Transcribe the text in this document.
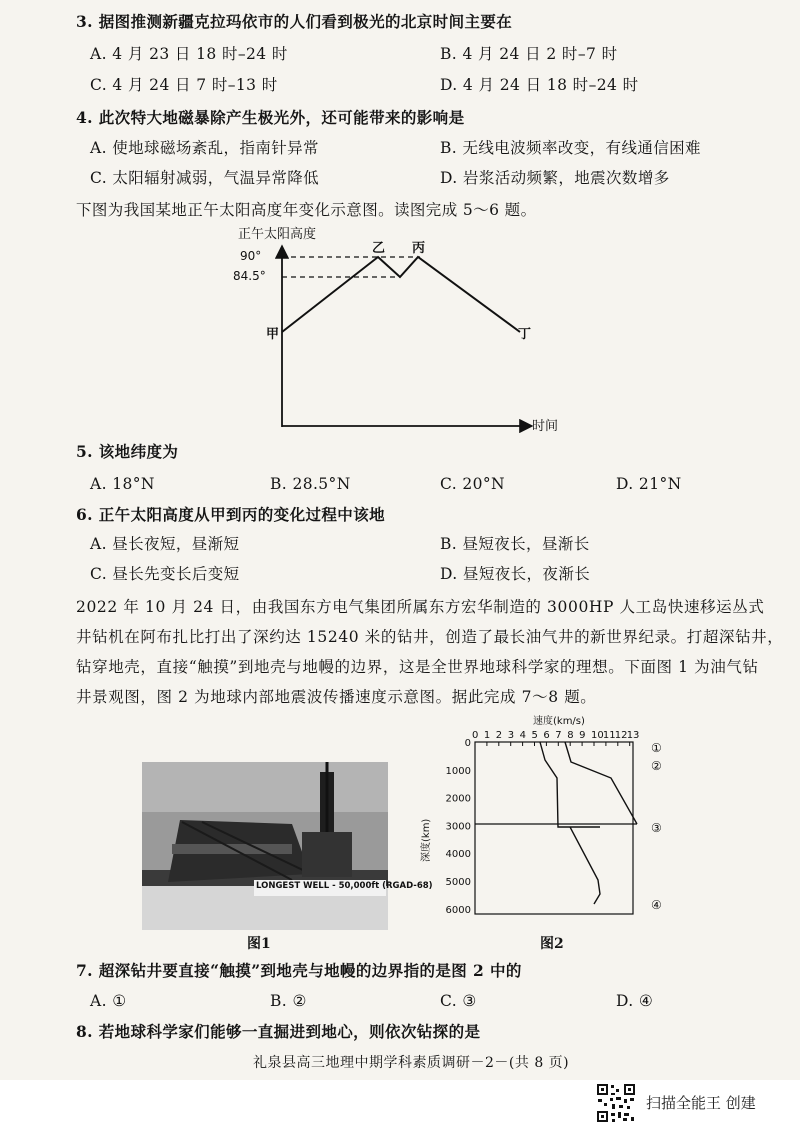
3. 据图推测新疆克拉玛依市的人们看到极光的北京时间主要在
A. 4 月 23 日 18 时–24 时	B. 4 月 24 日 2 时–7 时
C. 4 月 24 日 7 时–13 时	D. 4 月 24 日 18 时–24 时
4. 此次特大地磁暴除产生极光外，还可能带来的影响是
A. 使地球磁场紊乱，指南针异常	B. 无线电波频率改变，有线通信困难
C. 太阳辐射减弱，气温异常降低	D. 岩浆活动频繁，地震次数增多
下图为我国某地正午太阳高度年变化示意图。读图完成 5～6 题。
正午太阳高度
时间
90°
84.5°
甲
乙 丙
丁
5. 该地纬度为
A. 18°N	B. 28.5°N	C. 20°N	D. 21°N
6. 正午太阳高度从甲到丙的变化过程中该地
A. 昼长夜短，昼渐短	B. 昼短夜长，昼渐长
C. 昼长先变长后变短	D. 昼短夜长，夜渐长
2022 年 10 月 24 日，由我国东方电气集团所属东方宏华制造的 3000HP 人工岛快速移运丛式
井钻机在阿布扎比打出了深约达 15240 米的钻井，创造了最长油气井的新世界纪录。打超深钻井，
钻穿地壳，直接“触摸”到地壳与地幔的边界，这是全世界地球科学家的理想。下面图 1 为油气钻
井景观图，图 2 为地球内部地震波传播速度示意图。据此完成 7～8 题。
LONGEST WELL - 50,000ft (RGAD-68)
图1
速度(km/s)
0 1 2 3 4 5 6 7 8 9 10 11 12 13
0
1000
2000
3000
4000
5000
6000
深度(km)
①
②
③
④
图2
7. 超深钻井要直接“触摸”到地壳与地幔的边界指的是图 2 中的
A. ①	B. ②	C. ③	D. ④
8. 若地球科学家们能够一直掘进到地心，则依次钻探的是
礼泉县高三地理中期学科素质调研－2－(共 8 页)
扫描全能王 创建
